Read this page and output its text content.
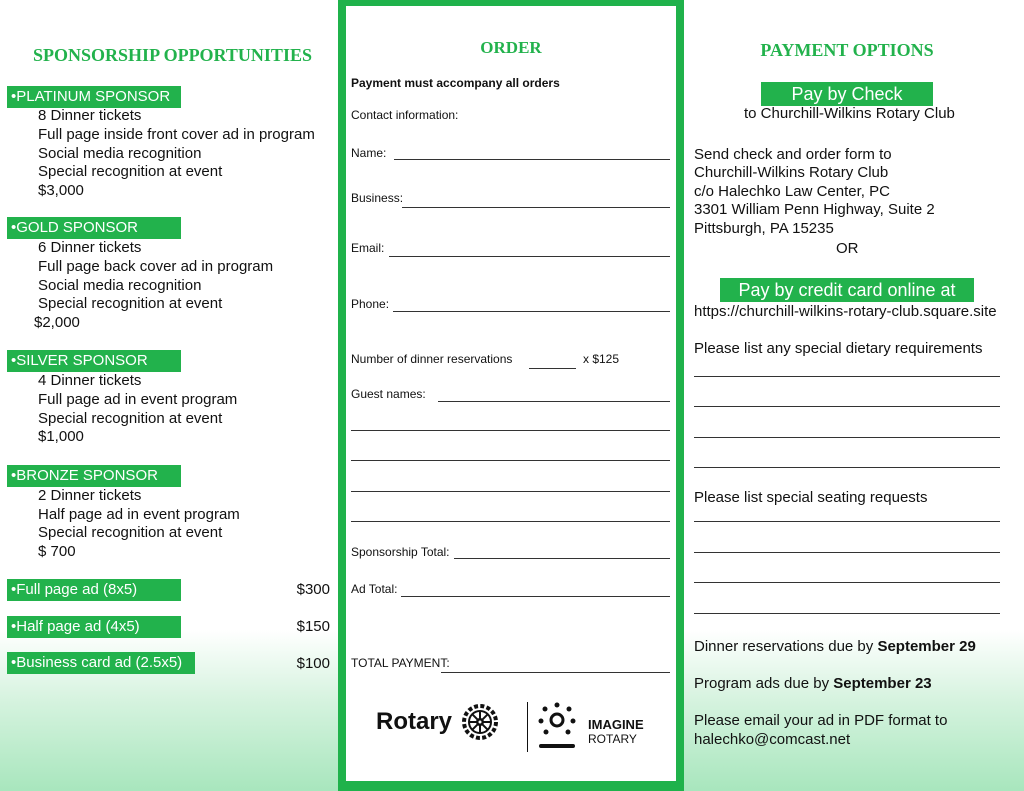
SPONSORSHIP OPPORTUNITIES
•PLATINUM SPONSOR
8 Dinner tickets
Full page inside front cover ad in program
Social media recognition
Special recognition at event
$3,000
•GOLD SPONSOR
6 Dinner tickets
Full page back cover ad in program
Social media recognition
Special recognition at event
$2,000
•SILVER SPONSOR
4 Dinner tickets
Full page ad in event program
Special recognition at event
$1,000
•BRONZE SPONSOR
2 Dinner tickets
Half page ad in event program
Special recognition at event
$ 700
•Full page ad (8x5)	$300
•Half page ad (4x5)	$150
•Business card ad (2.5x5)	$100
ORDER
Payment must accompany all orders
Contact information:
Name:
Business:
Email:
Phone:
Number of dinner reservations	x $125
Guest names:
Sponsorship Total:
Ad Total:
TOTAL PAYMENT:
Rotary	IMAGINE
ROTARY
PAYMENT OPTIONS
Pay by Check
to Churchill-Wilkins Rotary Club
Send check and order form to
Churchill-Wilkins Rotary Club
c/o Halechko Law Center, PC
3301 William Penn Highway, Suite 2
Pittsburgh, PA 15235
OR
Pay by credit card online at
https://churchill-wilkins-rotary-club.square.site
Please list any special dietary requirements
Please list special seating requests
Dinner reservations due by September 29
Program ads due by September 23
Please email your ad in PDF format to
halechko@comcast.net
